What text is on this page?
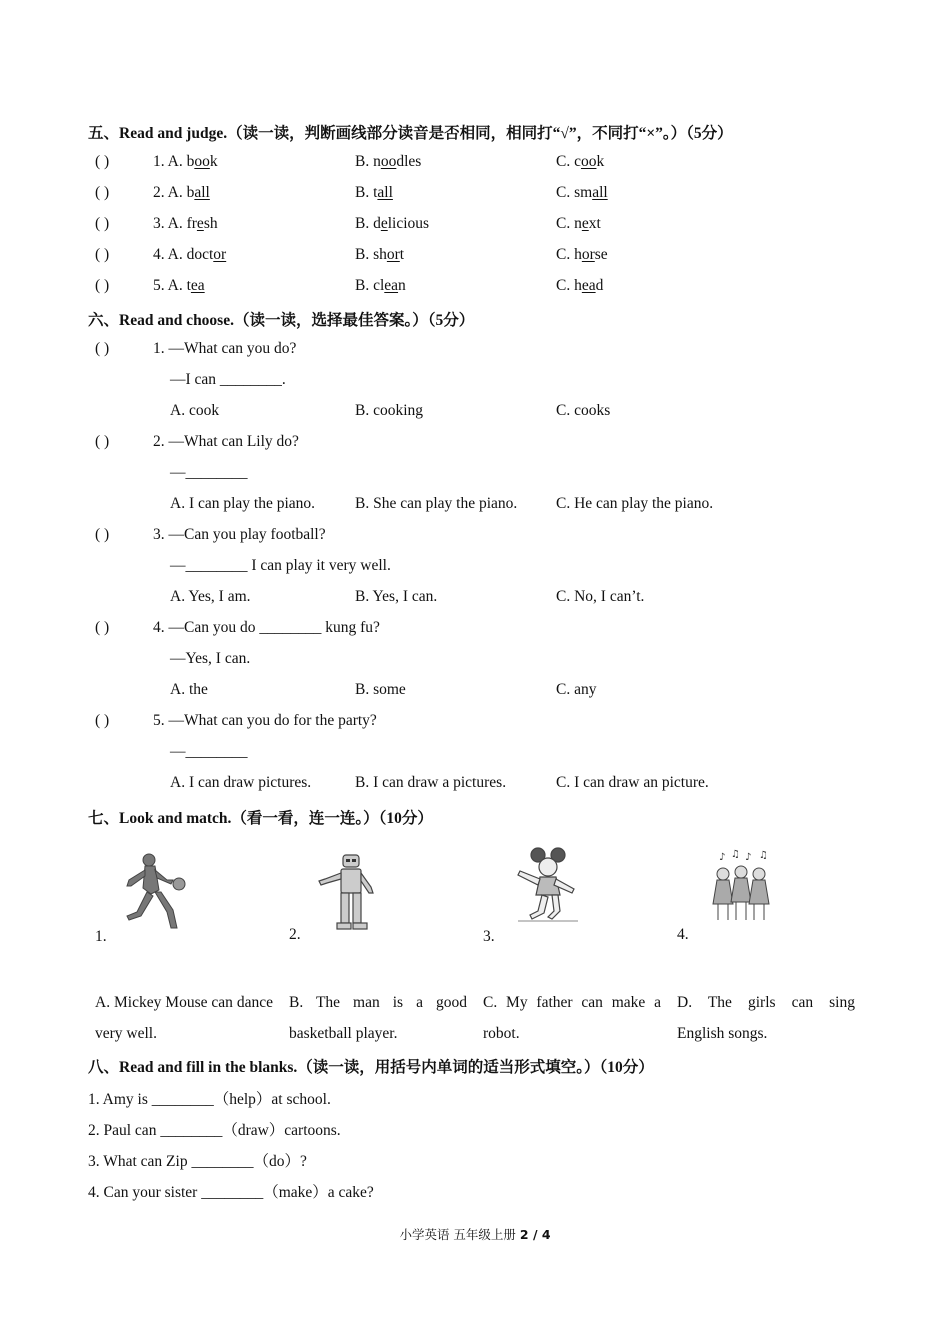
五、Read and judge.（读一读，判断画线部分读音是否相同，相同打“√”，不同打“×”。）（5分）
( )	1. A. book	B. noodles	C. cook
( )	2. A. ball	B. tall	C. small
( )	3. A. fresh	B. delicious	C. next
( )	4. A. doctor	B. short	C. horse
( )	5. A. tea	B. clean	C. head
六、Read and choose.（读一读，选择最佳答案。）（5分）
( )	1. —What can you do?
—I can ________.
A. cook	B. cooking	C. cooks
( )	2. —What can Lily do?
—________
A. I can play the piano.	B. She can play the piano. C. He can play the piano.
( )	3. —Can you play football?
—________ I can play it very well.
A. Yes, I am.	B. Yes, I can.	C. No, I can’t.
( )	4. —Can you do ________ kung fu?
—Yes, I can.
A. the	B. some	C. any
( )	5. —What can you do for the party?
—________
A. I can draw pictures.	B. I can draw a pictures.	C. I can draw an picture.
七、Look and match.（看一看，连一连。）（10分）
1.	2.	3.
♪ ♫ ♪ ♫
4.
A. Mickey Mouse can dance very well.
B. The man is a good basketball player.
C. My father can make a robot.
D. The girls can sing English songs.
八、Read and fill in the blanks.（读一读，用括号内单词的适当形式填空。）（10分）
1. Amy is ________（help）at school.
2. Paul can ________（draw）cartoons.
3. What can Zip ________（do）?
4. Can your sister ________（make）a cake?
小学英语 五年级上册 2 / 4
